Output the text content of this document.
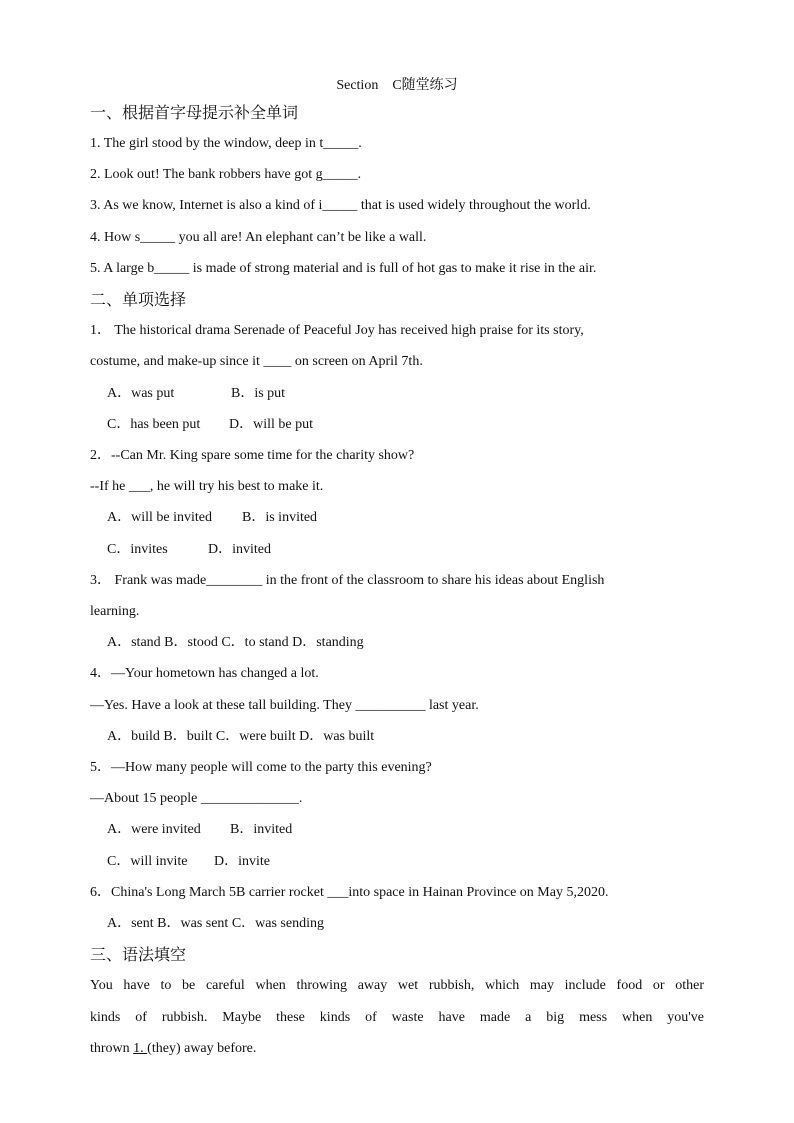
Section　C随堂练习
一、根据首字母提示补全单词
1. The girl stood by the window, deep in t_____.
2. Look out! The bank robbers have got g_____.
3. As we know, Internet is also a kind of i_____ that is used widely throughout the world.
4. How s_____ you all are! An elephant can’t be like a wall.
5. A large b_____ is made of strong material and is full of hot gas to make it rise in the air.
二、单项选择
1． The historical drama Serenade of Peaceful Joy has received high praise for its story,
costume, and make-up since it ____ on screen on April 7th.
A．was put	B．is put
C．has been put	D．will be put
2．--Can Mr. King spare some time for the charity show?
--If he ___, he will try his best to make it.
A．will be invited	B．is invited
C．invites	D．invited
3． Frank was made________ in the front of the classroom to share his ideas about English
learning.
A．stand B．stood C．to stand D．standing
4．—Your hometown has changed a lot.
—Yes. Have a look at these tall building. They __________ last year.
A．build B．built C．were built D．was built
5．—How many people will come to the party this evening?
—About 15 people ______________.
A．were invited	B．invited
C．will invite	D．invite
6．China's Long March 5B carrier rocket ___into space in Hainan Province on May 5,2020.
A．sent B．was sent C．was sending
三、语法填空
You have to be careful when throwing away wet rubbish, which may include food or other
kinds of rubbish. Maybe these kinds of waste have made a big mess when you've
thrown 1. (they) away before.
